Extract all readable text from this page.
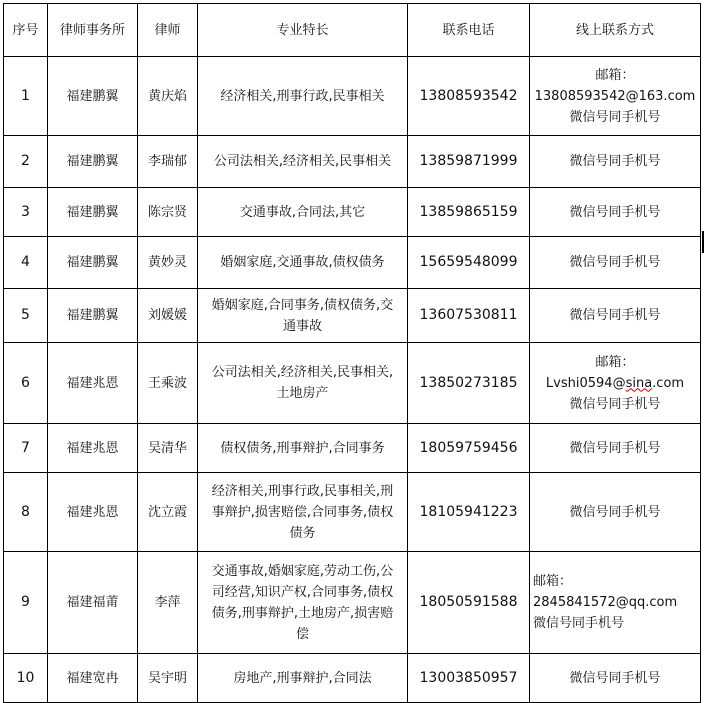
序号	律师事务所	律师	专业特长	联系电话	线上联系方式
1	福建鹏翼	黄庆焰	经济相关,刑事行政,民事相关	13808593542	邮箱：
13808593542@163.com
微信号同手机号

2	福建鹏翼	李瑞郁	公司法相关,经济相关,民事相关	13859871999	微信号同手机号

3	福建鹏翼	陈宗贤	交通事故,合同法,其它	13859865159	微信号同手机号

4	福建鹏翼	黄妙灵	婚姻家庭,交通事故,债权债务	15659548099	微信号同手机号

5	福建鹏翼	刘媛媛	婚姻家庭,合同事务,债权债务,交
通事故	13607530811	微信号同手机号

6	福建兆恩	王乘波	公司法相关,经济相关,民事相关,
土地房产	13850273185	邮箱：
Lvshi0594@sina.com
微信号同手机号

7	福建兆恩	吴清华	债权债务,刑事辩护,合同事务	18059759456	微信号同手机号

8	福建兆恩	沈立霞	经济相关,刑事行政,民事相关,刑
事辩护,损害赔偿,合同事务,债权
债务	18105941223	微信号同手机号

9	福建福莆	李萍	交通事故,婚姻家庭,劳动工伤,公
司经营,知识产权,合同事务,债权
债务,刑事辩护,土地房产,损害赔
偿	18050591588	邮箱：
2845841572@qq.com
微信号同手机号

10	福建宽冉	吴宇明	房地产,刑事辩护,合同法	13003850957	微信号同手机号
